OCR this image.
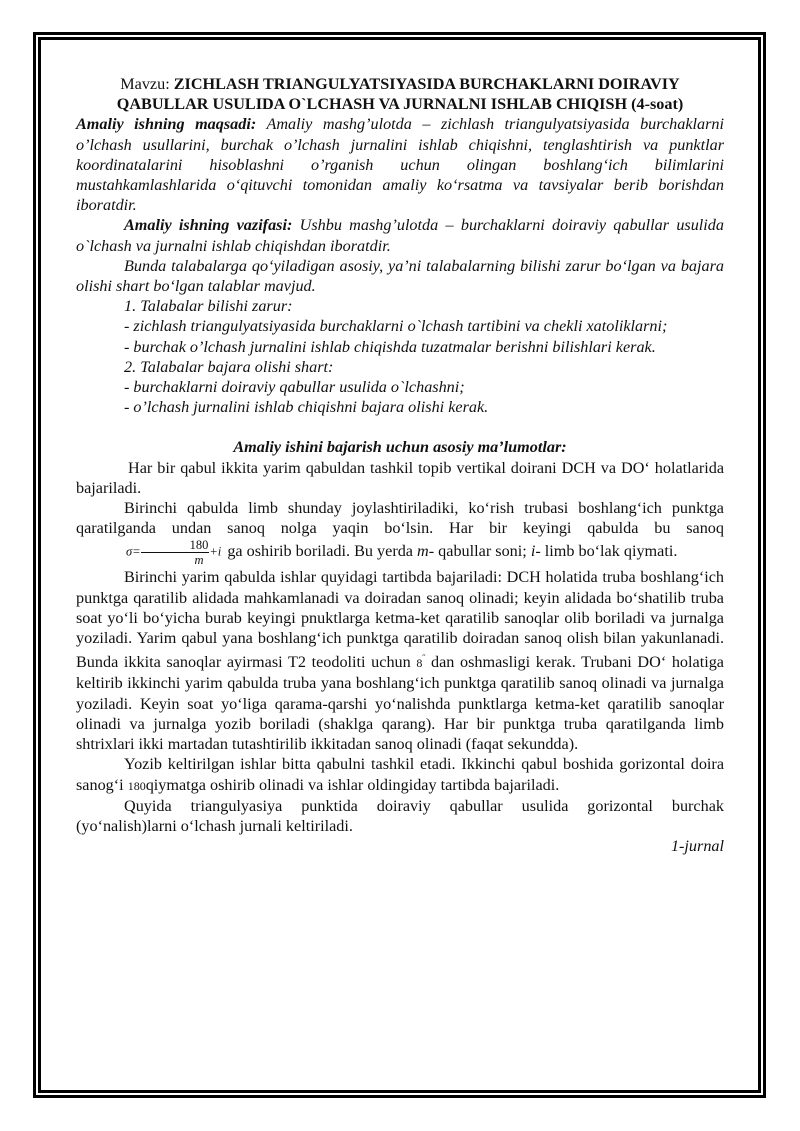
Mavzu: ZICHLASH TRIANGULYATSIYASIDA BURCHAKLARNI DOIRAVIY QABULLAR USULIDA O`LCHASH VA JURNALNI ISHLAB CHIQISH (4-soat)

Amaliy ishning maqsadi: Amaliy mashg’ulotda – zichlash triangulyatsiyasida burchaklarni o’lchash usullarini, burchak o’lchash jurnalini ishlab chiqishni, tenglashtirish va punktlar koordinatalarini hisoblashni o’rganish uchun olingan boshlang‘ich bilimlarini mustahkamlashlarida o‘qituvchi tomonidan amaliy ko‘rsatma va tavsiyalar berib borishdan iboratdir.

Amaliy ishning vazifasi: Ushbu mashg’ulotda – burchaklarni doiraviy qabullar usulida o`lchash va jurnalni ishlab chiqishdan iboratdir.

Bunda talabalarga qo‘yiladigan asosiy, ya’ni talabalarning bilishi zarur bo‘lgan va bajara olishi shart bo‘lgan talablar mavjud.

1. Talabalar bilishi zarur:

- zichlash triangulyatsiyasida burchaklarni o`lchash tartibini va chekli xatoliklarni;

- burchak o’lchash jurnalini ishlab chiqishda tuzatmalar berishni bilishlari kerak.

2. Talabalar bajara olishi shart:

- burchaklarni doiraviy qabullar usulida o`lchashni;

- o’lchash jurnalini ishlab chiqishni bajara olishi kerak.

Amaliy ishini bajarish uchun asosiy ma’lumotlar:

Har bir qabul ikkita yarim qabuldan tashkil topib vertikal doirani DCH va DO‘ holatlarida bajariladi.

Birinchi qabulda limb shunday joylashtiriladiki, ko‘rish trubasi boshlang‘ich punktga qaratilganda undan sanoq nolga yaqin bo‘lsin. Har bir keyingi qabulda bu sanoq $\sigma= \frac{180}{m} +i$ ga oshirib boriladi. Bu yerda m- qabullar soni; i- limb bo‘lak qiymati.

Birinchi yarim qabulda ishlar quyidagi tartibda bajariladi: DCH holatida truba boshlang‘ich punktga qaratilib alidada mahkamlanadi va doiradan sanoq olinadi; keyin alidada bo‘shatilib truba soat yo‘li bo‘yicha burab keyingi pnuktlarga ketma-ket qaratilib sanoqlar olib boriladi va jurnalga yoziladi. Yarim qabul yana boshlang‘ich punktga qaratilib doiradan sanoq olish bilan yakunlanadi. Bunda ikkita sanoqlar ayirmasi T2 teodoliti uchun 8˝ dan oshmasligi kerak. Trubani DO‘ holatiga keltirib ikkinchi yarim qabulda truba yana boshlang‘ich punktga qaratilib sanoq olinadi va jurnalga yoziladi. Keyin soat yo‘liga qarama-qarshi yo‘nalishda punktlarga ketma-ket qaratilib sanoqlar olinadi va jurnalga yozib boriladi (shaklga qarang). Har bir punktga truba qaratilganda limb shtrixlari ikki martadan tutashtirilib ikkitadan sanoq olinadi (faqat sekundda).

Yozib keltirilgan ishlar bitta qabulni tashkil etadi. Ikkinchi qabul boshida gorizontal doira sanog‘i 180qiymatga oshirib olinadi va ishlar oldingiday tartibda bajariladi.

Quyida triangulyasiya punktida doiraviy qabullar usulida gorizontal burchak (yo‘nalish)larni o‘lchash jurnali keltiriladi.

1-jurnal
